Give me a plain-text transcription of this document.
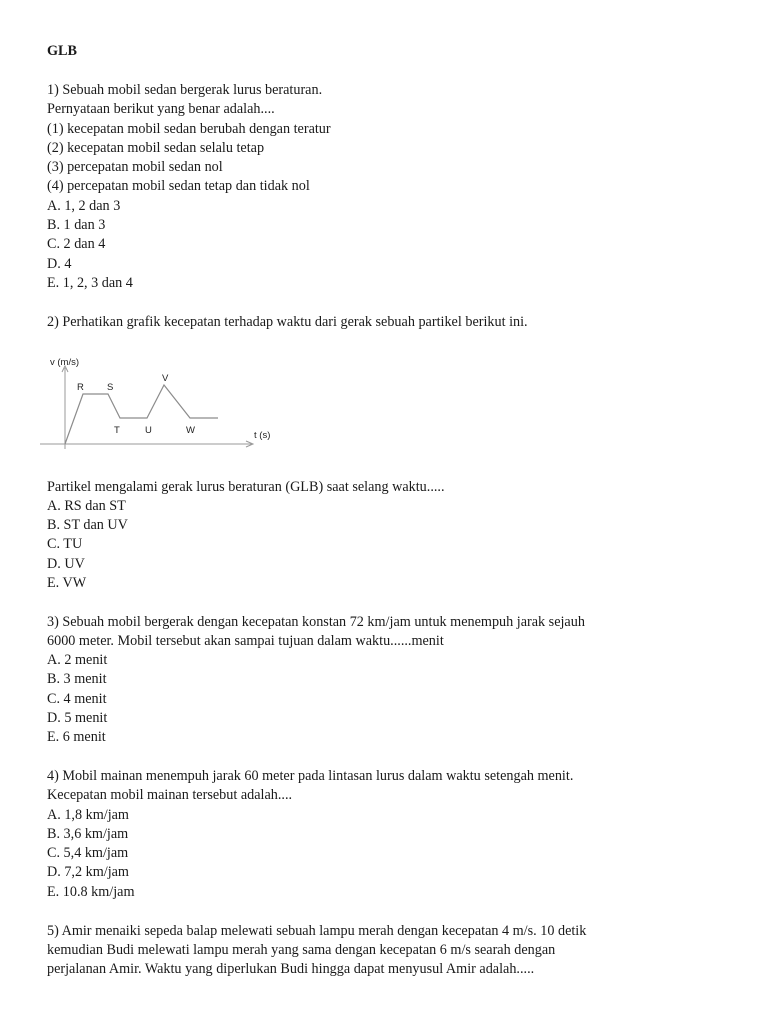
GLB
1) Sebuah mobil sedan bergerak lurus beraturan.
Pernyataan berikut yang benar adalah....
(1) kecepatan mobil sedan berubah dengan teratur
(2) kecepatan mobil sedan selalu tetap
(3) percepatan mobil sedan nol
(4) percepatan mobil sedan tetap dan tidak nol
A. 1, 2 dan 3
B. 1 dan 3
C. 2 dan 4
D. 4
E. 1, 2, 3 dan 4
2) Perhatikan grafik kecepatan terhadap waktu dari gerak sebuah partikel berikut ini.
v (m/s)
R S
V
T	U	W	t (s)
Partikel mengalami gerak lurus beraturan (GLB) saat selang waktu.....
A. RS dan ST
B. ST dan UV
C. TU
D. UV
E. VW
3) Sebuah mobil bergerak dengan kecepatan konstan 72 km/jam untuk menempuh jarak sejauh
6000 meter. Mobil tersebut akan sampai tujuan dalam waktu......menit
A. 2 menit
B. 3 menit
C. 4 menit
D. 5 menit
E. 6 menit
4) Mobil mainan menempuh jarak 60 meter pada lintasan lurus dalam waktu setengah menit.
Kecepatan mobil mainan tersebut adalah....
A. 1,8 km/jam
B. 3,6 km/jam
C. 5,4 km/jam
D. 7,2 km/jam
E. 10.8 km/jam
5) Amir menaiki sepeda balap melewati sebuah lampu merah dengan kecepatan 4 m/s. 10 detik
kemudian Budi melewati lampu merah yang sama dengan kecepatan 6 m/s searah dengan
perjalanan Amir. Waktu yang diperlukan Budi hingga dapat menyusul Amir adalah.....
